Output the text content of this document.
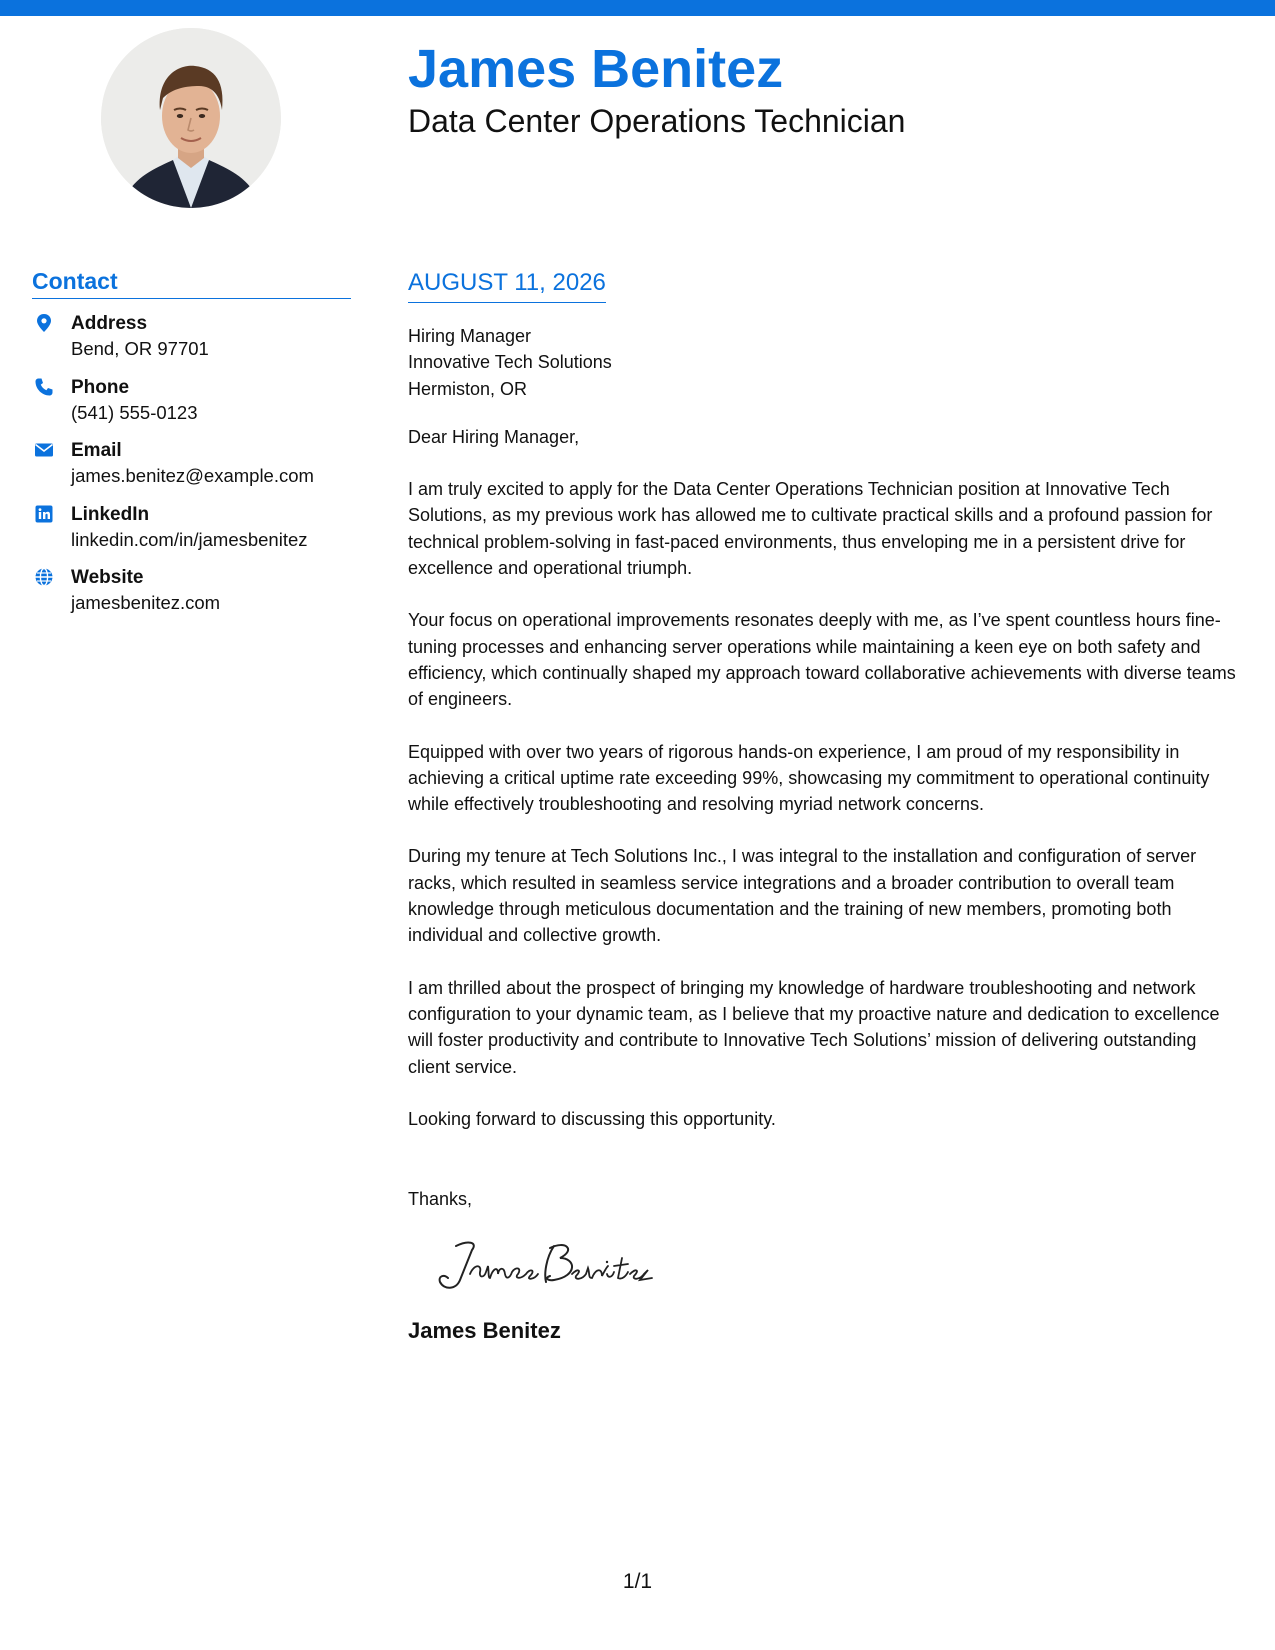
James Benitez
Data Center Operations Technician
Contact
Address
Bend, OR 97701
Phone
(541) 555-0123
Email
james.benitez@example.com
LinkedIn
linkedin.com/in/jamesbenitez
Website
jamesbenitez.com
AUGUST 11, 2026
Hiring Manager
Innovative Tech Solutions
Hermiston, OR
Dear Hiring Manager,

I am truly excited to apply for the Data Center Operations Technician position at Innovative Tech Solutions, as my previous work has allowed me to cultivate practical skills and a profound passion for technical problem-solving in fast-paced environments, thus enveloping me in a persistent drive for excellence and operational triumph.

Your focus on operational improvements resonates deeply with me, as I’ve spent countless hours fine-tuning processes and enhancing server operations while maintaining a keen eye on both safety and efficiency, which continually shaped my approach toward collaborative achievements with diverse teams of engineers.

Equipped with over two years of rigorous hands-on experience, I am proud of my responsibility in achieving a critical uptime rate exceeding 99%, showcasing my commitment to operational continuity while effectively troubleshooting and resolving myriad network concerns.

During my tenure at Tech Solutions Inc., I was integral to the installation and configuration of server racks, which resulted in seamless service integrations and a broader contribution to overall team knowledge through meticulous documentation and the training of new members, promoting both individual and collective growth.

I am thrilled about the prospect of bringing my knowledge of hardware troubleshooting and network configuration to your dynamic team, as I believe that my proactive nature and dedication to excellence will foster productivity and contribute to Innovative Tech Solutions’ mission of delivering outstanding client service.

Looking forward to discussing this opportunity.
Thanks,
James Benitez
1/1
